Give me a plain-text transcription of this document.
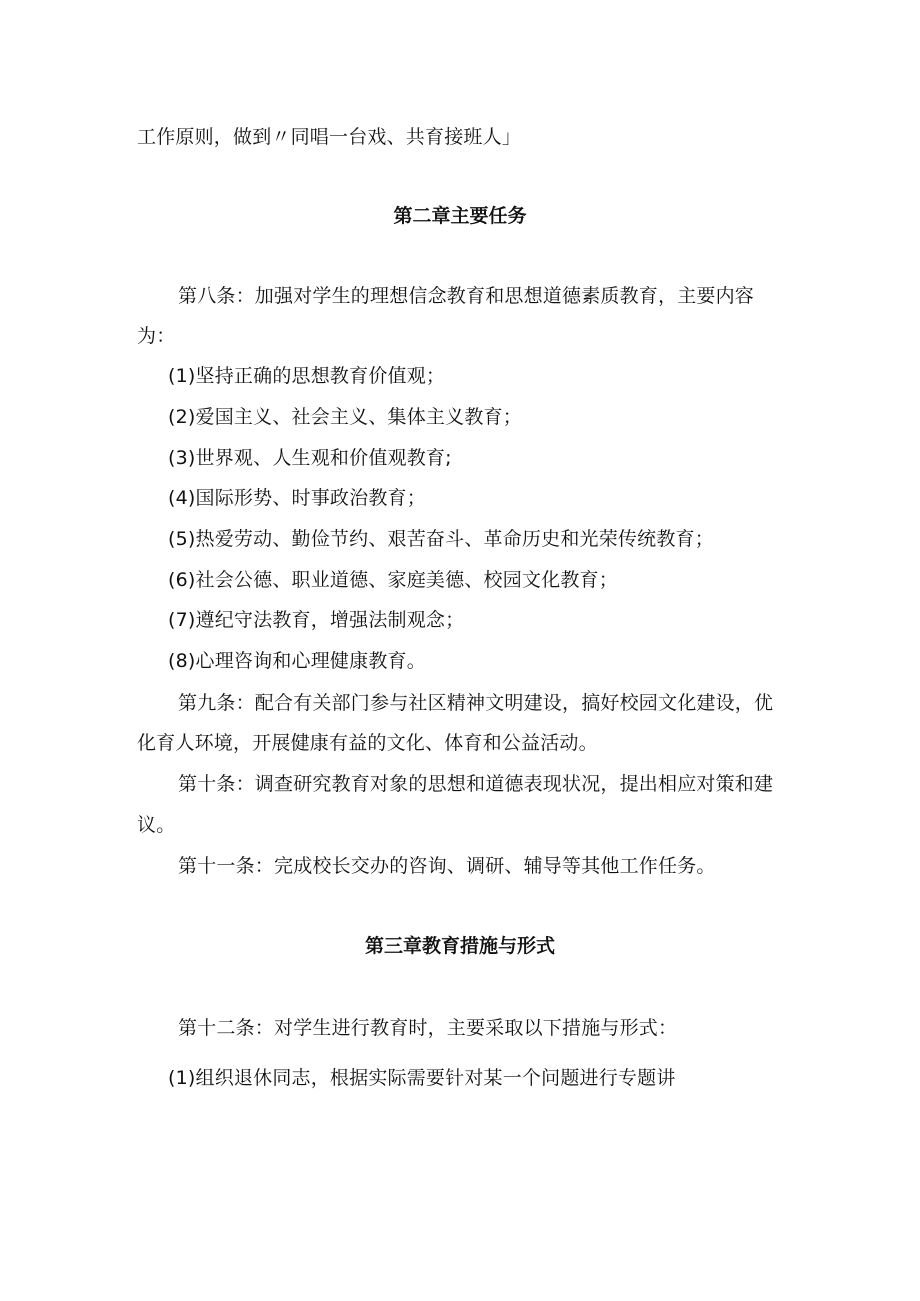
工作原则，做到〃同唱一台戏、共育接班人」
第二章主要任务
第八条：加强对学生的理想信念教育和思想道德素质教育，主要内容
为：
(1)坚持正确的思想教育价值观；
(2)爱国主义、社会主义、集体主义教育；
(3)世界观、人生观和价值观教育;
(4)国际形势、时事政治教育；
(5)热爱劳动、勤俭节约、艰苦奋斗、革命历史和光荣传统教育；
(6)社会公德、职业道德、家庭美德、校园文化教育；
(7)遵纪守法教育，增强法制观念；
(8)心理咨询和心理健康教育。
第九条：配合有关部门参与社区精神文明建设，搞好校园文化建设，优
化育人环境，开展健康有益的文化、体育和公益活动。
第十条：调查研究教育对象的思想和道德表现状况，提出相应对策和建
议。
第十一条：完成校长交办的咨询、调研、辅导等其他工作任务。
第三章教育措施与形式
第十二条：对学生进行教育时，主要采取以下措施与形式：
(1)组织退休同志，根据实际需要针对某一个问题进行专题讲
